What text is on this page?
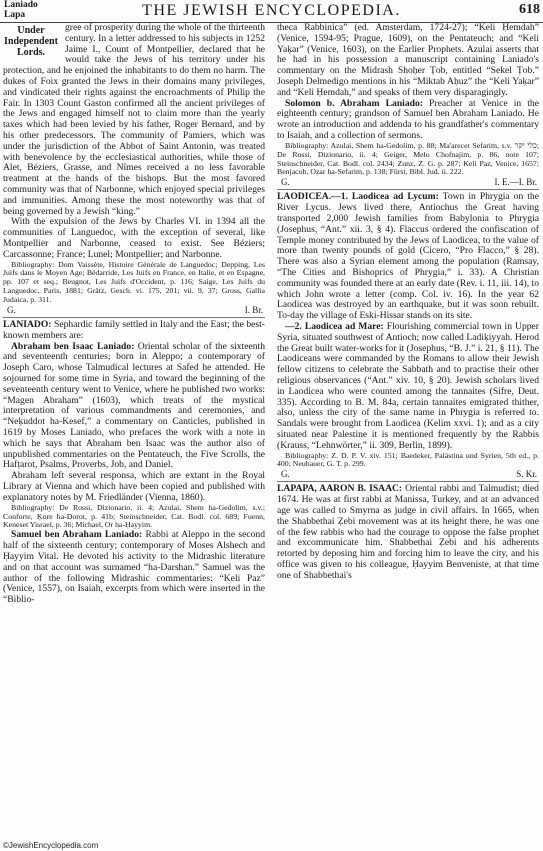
Laniado
Lapa	THE JEWISH ENCYCLOPEDIA.	618

Under Independent Lords.
gree of prosperity during the whole of the thirteenth century. In a letter addressed to his subjects in 1252 Jaime I., Count of Montpellier, declared that he would take the Jews of his territory under his protection, and he enjoined the inhabitants to do them no harm. The dukes of Foix granted the Jews in their domains many privileges, and vindicated their rights against the encroachments of Philip the Fair. In 1303 Count Gaston confirmed all the ancient privileges of the Jews and engaged himself not to claim more than the yearly taxes which had been levied by his father, Roger Bernard, and by his other predecessors. The community of Pamiers, which was under the jurisdiction of the Abbot of Saint Antonin, was treated with benevolence by the ecclesiastical authorities, while those of Alet, Béziers, Grasse, and Nîmes received a no less favorable treatment at the hands of the bishops. But the most favored community was that of Narbonne, which enjoyed special privileges and immunities. Among these the most noteworthy was that of being governed by a Jewish “king.”

With the expulsion of the Jews by Charles VI. in 1394 all the communities of Languedoc, with the exception of several, like Montpellier and Narbonne, ceased to exist. See Béziers; Carcassonne; France; Lunel; Montpellier; and Narbonne.

Bibliography: Dom Vaissète, Histoire Générale de Languedoc; Depping, Les Juifs dans le Moyen Age; Bédarride, Les Juifs en France, en Italie, et en Espagne, pp. 107 et seq.; Beugnot, Les Juifs d'Occident, p. 116; Saige, Les Juifs du Languedoc, Paris, 1881; Grätz, Gesch. vi. 175, 201; vii. 9, 37; Gross, Gallia Judaica, p. 311.

G.	I. Br.

LANIADO: Sephardic family settled in Italy and the East; the best-known members are:

Abraham ben Isaac Laniado: Oriental scholar of the sixteenth and seventeenth centuries; born in Aleppo; a contemporary of Joseph Caro, whose Talmudical lectures at Safed he attended. He sojourned for some time in Syria, and toward the beginning of the seventeenth century went to Venice, where he published two works: “Magen Abraham” (1603), which treats of the mystical interpretation of various commandments and ceremonies, and “Neḳuddot ha-Kesef,” a commentary on Canticles, published in 1619 by Moses Laniado, who prefaces the work with a note in which he says that Abraham ben Isaac was the author also of unpublished commentaries on the Pentateuch, the Five Scrolls, the Hafṭarot, Psalms, Proverbs, Job, and Daniel.

Abraham left several responsa, which are extant in the Royal Library at Vienna and which have been copied and published with explanatory notes by M. Friedländer (Vienna, 1860).

Bibliography: De Rossi, Dizionario, ii. 4; Azulai, Shem ha-Gedolim, s.v.; Conforte, Ḳore ha-Dorot, p. 41b; Steinschneider, Cat. Bodl. col. 689; Fuenn, Keneset Yisrael, p. 36; Michael, Or ha-Ḥayyim.

Samuel ben Abraham Laniado: Rabbi at Aleppo in the second half of the sixteenth century; contemporary of Moses Alshech and Ḥayyim Vital. He devoted his activity to the Midrashic literature and on that account was surnamed “ha-Darshan.” Samuel was the author of the following Midrashic commentaries: “Keli Paz” (Venice, 1557), on Isaiah, excerpts from which were inserted in the “Biblio-

theca Rabbinica” (ed. Amsterdam, 1724-27); “Keli Ḥemdah” (Venice, 1594-95; Prague, 1609), on the Pentateuch; and “Keli Yaḳar” (Venice, 1603), on the Earlier Prophets. Azulai asserts that he had in his possession a manuscript containing Laniado's commentary on the Midrash Shoḥer Ṭob, entitled “Sekel Ṭob.” Joseph Delmedigo mentions in his “Miktab Aḥuz” the “Keli Yaḳar” and “Keli Ḥemdah,” and speaks of them very disparagingly.

Solomon b. Abraham Laniado: Preacher at Venice in the eighteenth century; grandson of Samuel ben Abraham Laniado. He wrote an introduction and addenda to his grandfather's commentary to Isaiah, and a collection of sermons.

Bibliography: Azulai, Shem ha-Gedolim, p. 88; Ma'arecet Sefarim, s.v. כלי יקר; De Rossi, Dizionario, ii. 4; Geiger, Melo Chofnajim, p. 86, note 107; Steinschneider, Cat. Bodl. col. 2434; Zunz, Z. G. p. 287; Keli Paz, Venice, 1657; Benjacob, Oẓar ha-Sefarim, p. 138; Fürst, Bibl. Jud. ii. 222.

G.	I. E.—I. Br.

LAODICEA.—1. Laodicea ad Lycum: Town in Phrygia on the River Lycus. Jews lived there, Antiochus the Great having transported 2,000 Jewish families from Babylonia to Phrygia (Josephus, “Ant.” xii. 3, § 4). Flaccus ordered the confiscation of Temple money contributed by the Jews of Laodicea, to the value of more than twenty pounds of gold (Cicero, “Pro Flacco,” § 28). There was also a Syrian element among the population (Ramsay, “The Cities and Bishoprics of Phrygia,” i. 33). A Christian community was founded there at an early date (Rev. i. 11, iii. 14), to which John wrote a letter (comp. Col. iv. 16). In the year 62 Laodicea was destroyed by an earthquake, but it was soon rebuilt. To-day the village of Eski-Hissar stands on its site.

—2. Laodicea ad Mare: Flourishing commercial town in Upper Syria, situated southwest of Antioch; now called Ladiḳiyyah. Herod the Great built water-works for it (Josephus, “B. J.” i. 21, § 11). The Laodiceans were commanded by the Romans to allow their Jewish fellow citizens to celebrate the Sabbath and to practise their other religious observances (“Ant.” xiv. 10, § 20). Jewish scholars lived in Laodicea who were counted among the tannaites (Sifre, Deut. 335). According to B. M. 84a, certain tannaites emigrated thither, also, unless the city of the same name in Phrygia is referred to. Sandals were brought from Laodicea (Kelim xxvi. 1); and as a city situated near Palestine it is mentioned frequently by the Rabbis (Krauss, “Lehnwörter,” ii. 309, Berlin, 1899).

Bibliography: Z. D. P. V. xiv. 151; Baedeker, Palästina und Syrien, 5th ed., p. 400; Neubauer, G. T. p. 299.

G.	S. Kr.

LAPAPA, AARON B. ISAAC: Oriental rabbi and Talmudist; died 1674. He was at first rabbi at Manissa, Turkey, and at an advanced age was called to Smyrna as judge in civil affairs. In 1665, when the Shabbethai Ẓebi movement was at its height there, he was one of the few rabbis who had the courage to oppose the false prophet and excommunicate him. Shabbethai Ẓebi and his adherents retorted by deposing him and forcing him to leave the city, and his office was given to his colleague, Ḥayyim Benveniste, at that time one of Shabbethai's

©JewishEncyclopedia.com
